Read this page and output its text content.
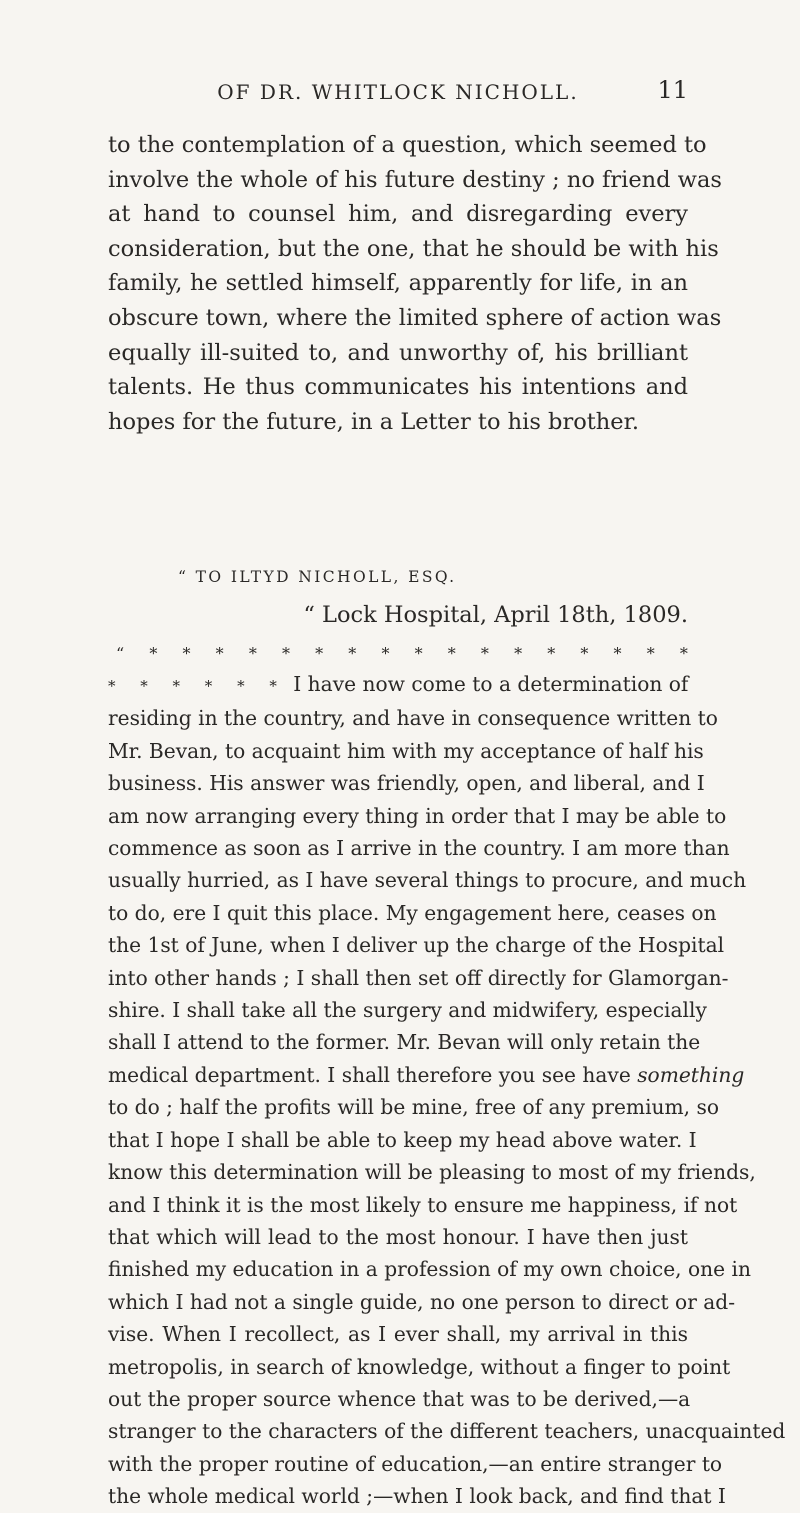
OF DR. WHITLOCK NICHOLL.	11
to the contemplation of a question, which seemed to
involve the whole of his future destiny ; no friend was
at hand to counsel him, and disregarding every
consideration, but the one, that he should be with his
family, he settled himself, apparently for life, in an
obscure town, where the limited sphere of action was
equally ill-suited to, and unworthy of, his brilliant
talents. He thus communicates his intentions and
hopes for the future, in a Letter to his brother.
“ TO ILTYD NICHOLL, ESQ.
“ Lock Hospital, April 18th, 1809.
“ * * * * * * * * * * * * * * * * *
* * * * * * I have now come to a determination of
residing in the country, and have in consequence written to
Mr. Bevan, to acquaint him with my acceptance of half his
business. His answer was friendly, open, and liberal, and I
am now arranging every thing in order that I may be able to
commence as soon as I arrive in the country. I am more than
usually hurried, as I have several things to procure, and much
to do, ere I quit this place. My engagement here, ceases on
the 1st of June, when I deliver up the charge of the Hospital
into other hands ; I shall then set off directly for Glamorgan-
shire. I shall take all the surgery and midwifery, especially
shall I attend to the former. Mr. Bevan will only retain the
medical department. I shall therefore you see have something
to do ; half the profits will be mine, free of any premium, so
that I hope I shall be able to keep my head above water. I
know this determination will be pleasing to most of my friends,
and I think it is the most likely to ensure me happiness, if not
that which will lead to the most honour. I have then just
finished my education in a profession of my own choice, one in
which I had not a single guide, no one person to direct or ad-
vise. When I recollect, as I ever shall, my arrival in this
metropolis, in search of knowledge, without a finger to point
out the proper source whence that was to be derived,—a
stranger to the characters of the different teachers, unacquainted
with the proper routine of education,—an entire stranger to
the whole medical world ;—when I look back, and find that I
